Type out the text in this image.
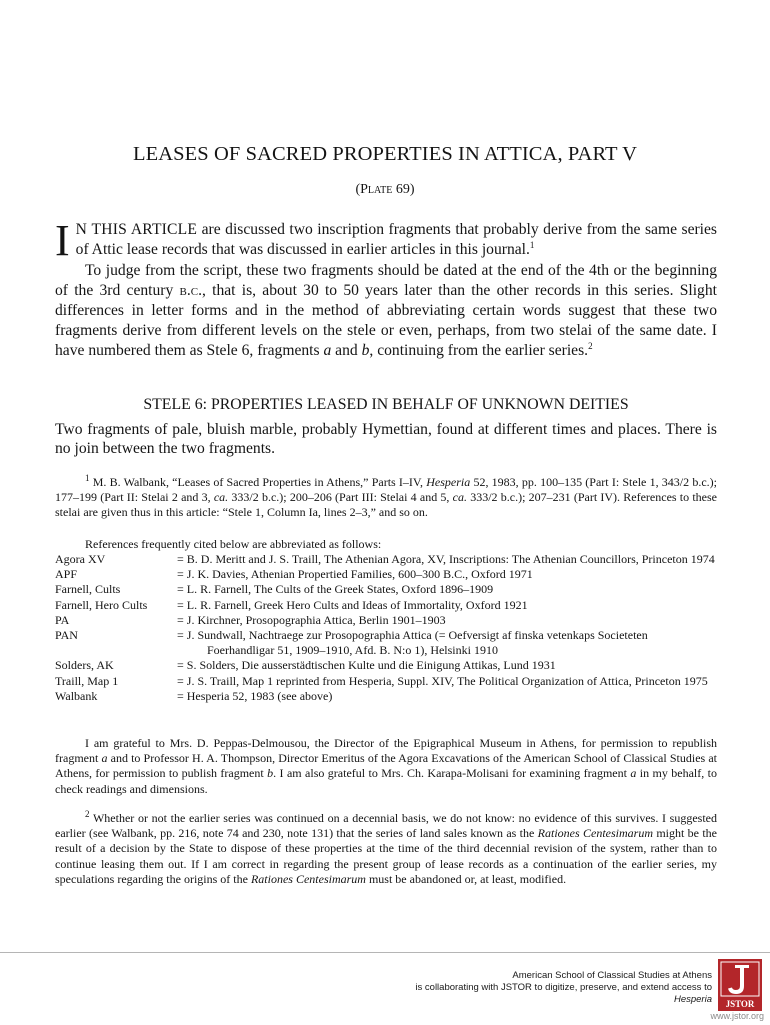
LEASES OF SACRED PROPERTIES IN ATTICA, PART V
(Plate 69)
I N THIS ARTICLE are discussed two inscription fragments that probably derive from the same series of Attic lease records that was discussed in earlier articles in this journal.$^1$
To judge from the script, these two fragments should be dated at the end of the 4th or the beginning of the 3rd century b.c., that is, about 30 to 50 years later than the other records in this series. Slight differences in letter forms and in the method of abbreviating certain words suggest that these two fragments derive from different levels on the stele or even, perhaps, from two stelai of the same date. I have numbered them as Stele 6, fragments a and b, continuing from the earlier series.$^2$
STELE 6: PROPERTIES LEASED IN BEHALF OF UNKNOWN DEITIES
Two fragments of pale, bluish marble, probably Hymettian, found at different times and places. There is no join between the two fragments.
$^1$ M. B. Walbank, “Leases of Sacred Properties in Athens,” Parts I–IV, Hesperia 52, 1983, pp. 100–135 (Part I: Stele 1, 343/2 b.c.); 177–199 (Part II: Stelai 2 and 3, ca. 333/2 b.c.); 200–206 (Part III: Stelai 4 and 5, ca. 333/2 b.c.); 207–231 (Part IV). References to these stelai are given thus in this article: “Stele 1, Column Ia, lines 2–3,” and so on.
References frequently cited below are abbreviated as follows:
Agora XV	= B. D. Meritt and J. S. Traill, The Athenian Agora, XV, Inscriptions: The Athenian Councillors, Princeton 1974
APF	= J. K. Davies, Athenian Propertied Families, 600–300 B.C., Oxford 1971
Farnell, Cults	= L. R. Farnell, The Cults of the Greek States, Oxford 1896–1909
Farnell, Hero Cults	= L. R. Farnell, Greek Hero Cults and Ideas of Immortality, Oxford 1921
PA	= J. Kirchner, Prosopographia Attica, Berlin 1901–1903
PAN	= J. Sundwall, Nachtraege zur Prosopographia Attica (= Oefversigt af finska vetenkaps Societeten Foerhandligar 51, 1909–1910, Afd. B. N:o 1), Helsinki 1910
Solders, AK	= S. Solders, Die ausserstädtischen Kulte und die Einigung Attikas, Lund 1931
Traill, Map 1	= J. S. Traill, Map 1 reprinted from Hesperia, Suppl. XIV, The Political Organization of Attica, Princeton 1975
Walbank	= Hesperia 52, 1983 (see above)
I am grateful to Mrs. D. Peppas-Delmousou, the Director of the Epigraphical Museum in Athens, for permission to republish fragment a and to Professor H. A. Thompson, Director Emeritus of the Agora Excavations of the American School of Classical Studies at Athens, for permission to publish fragment b. I am also grateful to Mrs. Ch. Karapa-Molisani for examining fragment a in my behalf, to check readings and dimensions.
$^2$ Whether or not the earlier series was continued on a decennial basis, we do not know: no evidence of this survives. I suggested earlier (see Walbank, pp. 216, note 74 and 230, note 131) that the series of land sales known as the Rationes Centesimarum might be the result of a decision by the State to dispose of these properties at the time of the third decennial revision of the system, rather than to continue leasing them out. If I am correct in regarding the present group of lease records as a continuation of the earlier series, my speculations regarding the origins of the Rationes Centesimarum must be abandoned or, at least, modified.
American School of Classical Studies at Athens
is collaborating with JSTOR to digitize, preserve, and extend access to
Hesperia JSTOR
www.jstor.org
